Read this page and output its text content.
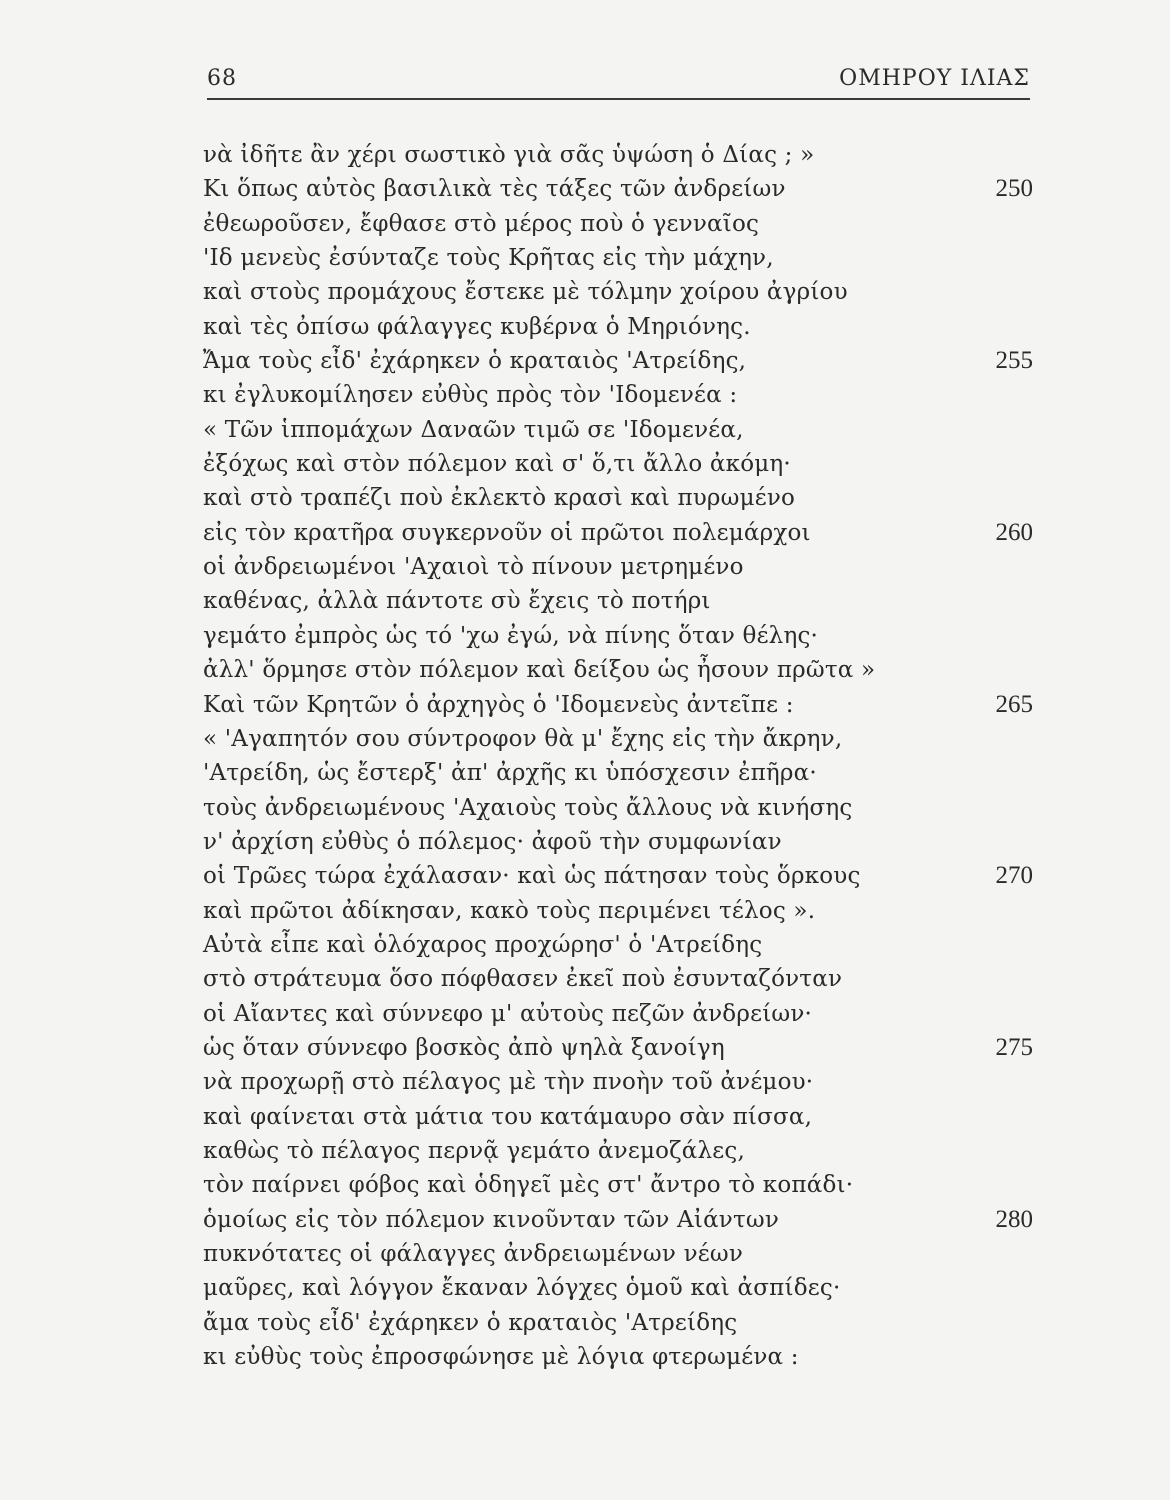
68	ΟΜΗΡΟΥ ΙΛΙΑΣ
νὰ ἰδῆτε ἂν χέρι σωστικὸ γιὰ σᾶς ὑψώση ὁ Δίας ; »
Κι ὅπως αὐτὸς βασιλικὰ τὲς τάξες τῶν ἀνδρείων	250
ἐθεωροῦσεν, ἔφθασε στὸ μέρος ποὺ ὁ γενναῖος
'Ιδ μενεὺς ἐσύνταζε τοὺς Κρῆτας εἰς τὴν μάχην,
καὶ στοὺς προμάχους ἔστεκε μὲ τόλμην χοίρου ἀγρίου
καὶ τὲς ὀπίσω φάλαγγες κυβέρνα ὁ Μηριόνης.
Ἄμα τοὺς εἶδ' ἐχάρηκεν ὁ κραταιὸς 'Ατρείδης,	255
κι ἐγλυκομίλησεν εὐθὺς πρὸς τὸν 'Ιδομενέα :
« Τῶν ἱππομάχων Δαναῶν τιμῶ σε 'Ιδομενέα,
ἐξόχως καὶ στὸν πόλεμον καὶ σ' ὅ,τι ἄλλο ἀκόμη·
καὶ στὸ τραπέζι ποὺ ἐκλεκτὸ κρασὶ καὶ πυρωμένο
εἰς τὸν κρατῆρα συγκερνοῦν οἱ πρῶτοι πολεμάρχοι	260
οἱ ἀνδρειωμένοι 'Αχαιοὶ τὸ πίνουν μετρημένο
καθένας, ἀλλὰ πάντοτε σὺ ἔχεις τὸ ποτήρι
γεμάτο ἐμπρὸς ὡς τό 'χω ἐγώ, νὰ πίνης ὅταν θέλης·
ἀλλ' ὅρμησε στὸν πόλεμον καὶ δείξου ὡς ἦσουν πρῶτα »
Καὶ τῶν Κρητῶν ὁ ἀρχηγὸς ὁ 'Ιδομενεὺς ἀντεῖπε :	265
« 'Αγαπητόν σου σύντροφον θὰ μ' ἔχης εἰς τὴν ἄκρην,
'Ατρείδη, ὡς ἔστερξ' ἀπ' ἀρχῆς κι ὑπόσχεσιν ἐπῆρα·
τοὺς ἀνδρειωμένους 'Αχαιοὺς τοὺς ἄλλους νὰ κινήσης
ν' ἀρχίση εὐθὺς ὁ πόλεμος· ἀφοῦ τὴν συμφωνίαν
οἱ Τρῶες τώρα ἐχάλασαν· καὶ ὡς πάτησαν τοὺς ὅρκους	270
καὶ πρῶτοι ἀδίκησαν, κακὸ τοὺς περιμένει τέλος ».
Αὐτὰ εἶπε καὶ ὁλόχαρος προχώρησ' ὁ 'Ατρείδης
στὸ στράτευμα ὅσο πόφθασεν ἐκεῖ ποὺ ἐσυνταζόνταν
οἱ Αἴαντες καὶ σύννεφο μ' αὐτοὺς πεζῶν ἀνδρείων·
ὡς ὅταν σύννεφο βοσκὸς ἀπὸ ψηλὰ ξανοίγη	275
νὰ προχωρῇ στὸ πέλαγος μὲ τὴν πνοὴν τοῦ ἀνέμου·
καὶ φαίνεται στὰ μάτια του κατάμαυρο σὰν πίσσα,
καθὼς τὸ πέλαγος περνᾷ γεμάτο ἀνεμοζάλες,
τὸν παίρνει φόβος καὶ ὁδηγεῖ μὲς στ' ἄντρο τὸ κοπάδι·
ὁμοίως εἰς τὸν πόλεμον κινοῦνταν τῶν Αἰάντων	280
πυκνότατες οἱ φάλαγγες ἀνδρειωμένων νέων
μαῦρες, καὶ λόγγον ἔκαναν λόγχες ὁμοῦ καὶ ἀσπίδες·
ἄμα τοὺς εἶδ' ἐχάρηκεν ὁ κραταιὸς 'Ατρείδης
κι εὐθὺς τοὺς ἐπροσφώνησε μὲ λόγια φτερωμένα :
